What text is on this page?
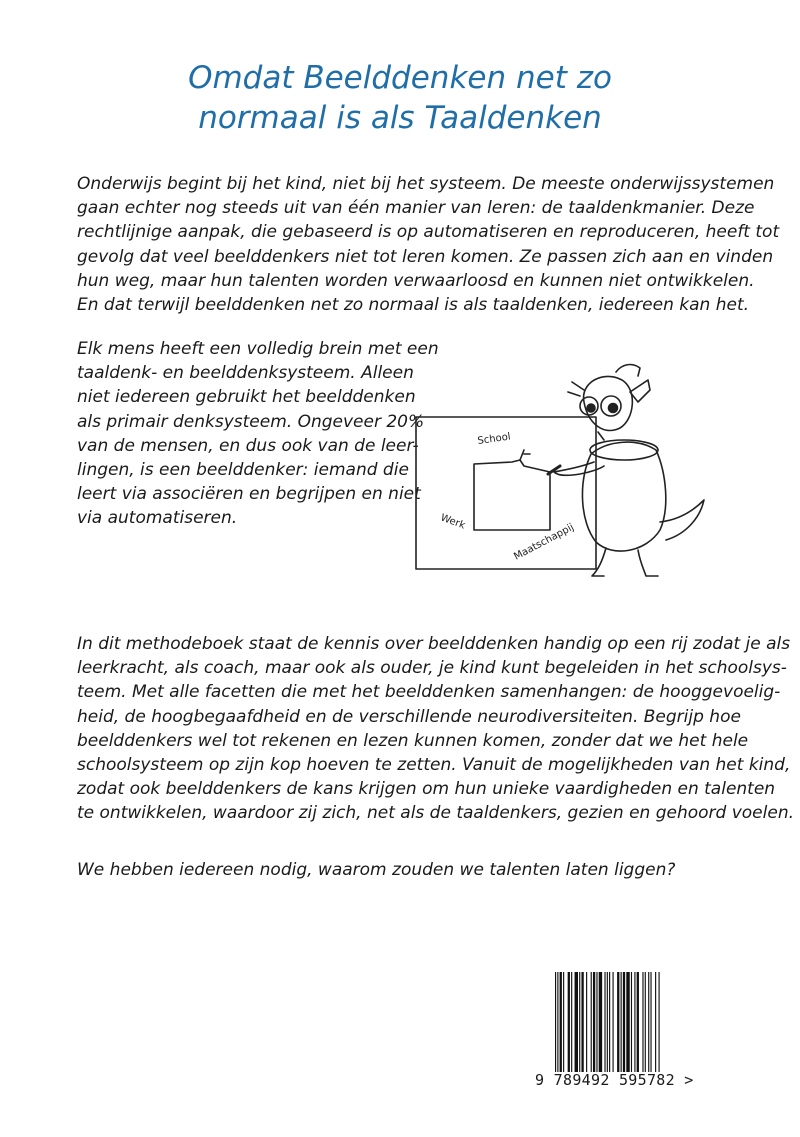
Omdat Beelddenken net zo
normaal is als Taaldenken
Onderwijs begint bij het kind, niet bij het systeem. De meeste onderwijssystemen
gaan echter nog steeds uit van één manier van leren: de taaldenkmanier. Deze
rechtlijnige aanpak, die gebaseerd is op automatiseren en reproduceren, heeft tot
gevolg dat veel beelddenkers niet tot leren komen. Ze passen zich aan en vinden
hun weg, maar hun talenten worden verwaarloosd en kunnen niet ontwikkelen.
En dat terwijl beelddenken net zo normaal is als taaldenken, iedereen kan het.
Elk mens heeft een volledig brein met een
taaldenk- en beelddenksysteem. Alleen
niet iedereen gebruikt het beelddenken
als primair denksysteem. Ongeveer 20%
van de mensen, en dus ook van de leer-
lingen, is een beelddenker: iemand die
leert via associëren en begrijpen en niet
via automatiseren.
School
Werk	Maatschappij
In dit methodeboek staat de kennis over beelddenken handig op een rij zodat je als
leerkracht, als coach, maar ook als ouder, je kind kunt begeleiden in het schoolsys-
teem. Met alle facetten die met het beelddenken samenhangen: de hooggevoelig-
heid, de hoogbegaafdheid en de verschillende neurodiversiteiten. Begrijp hoe
beelddenkers wel tot rekenen en lezen kunnen komen, zonder dat we het hele
schoolsysteem op zijn kop hoeven te zetten. Vanuit de mogelijkheden van het kind,
zodat ook beelddenkers de kans krijgen om hun unieke vaardigheden en talenten
te ontwikkelen, waardoor zij zich, net als de taaldenkers, gezien en gehoord voelen.
We hebben iedereen nodig, waarom zouden we talenten laten liggen?
9 789492 595782 >
